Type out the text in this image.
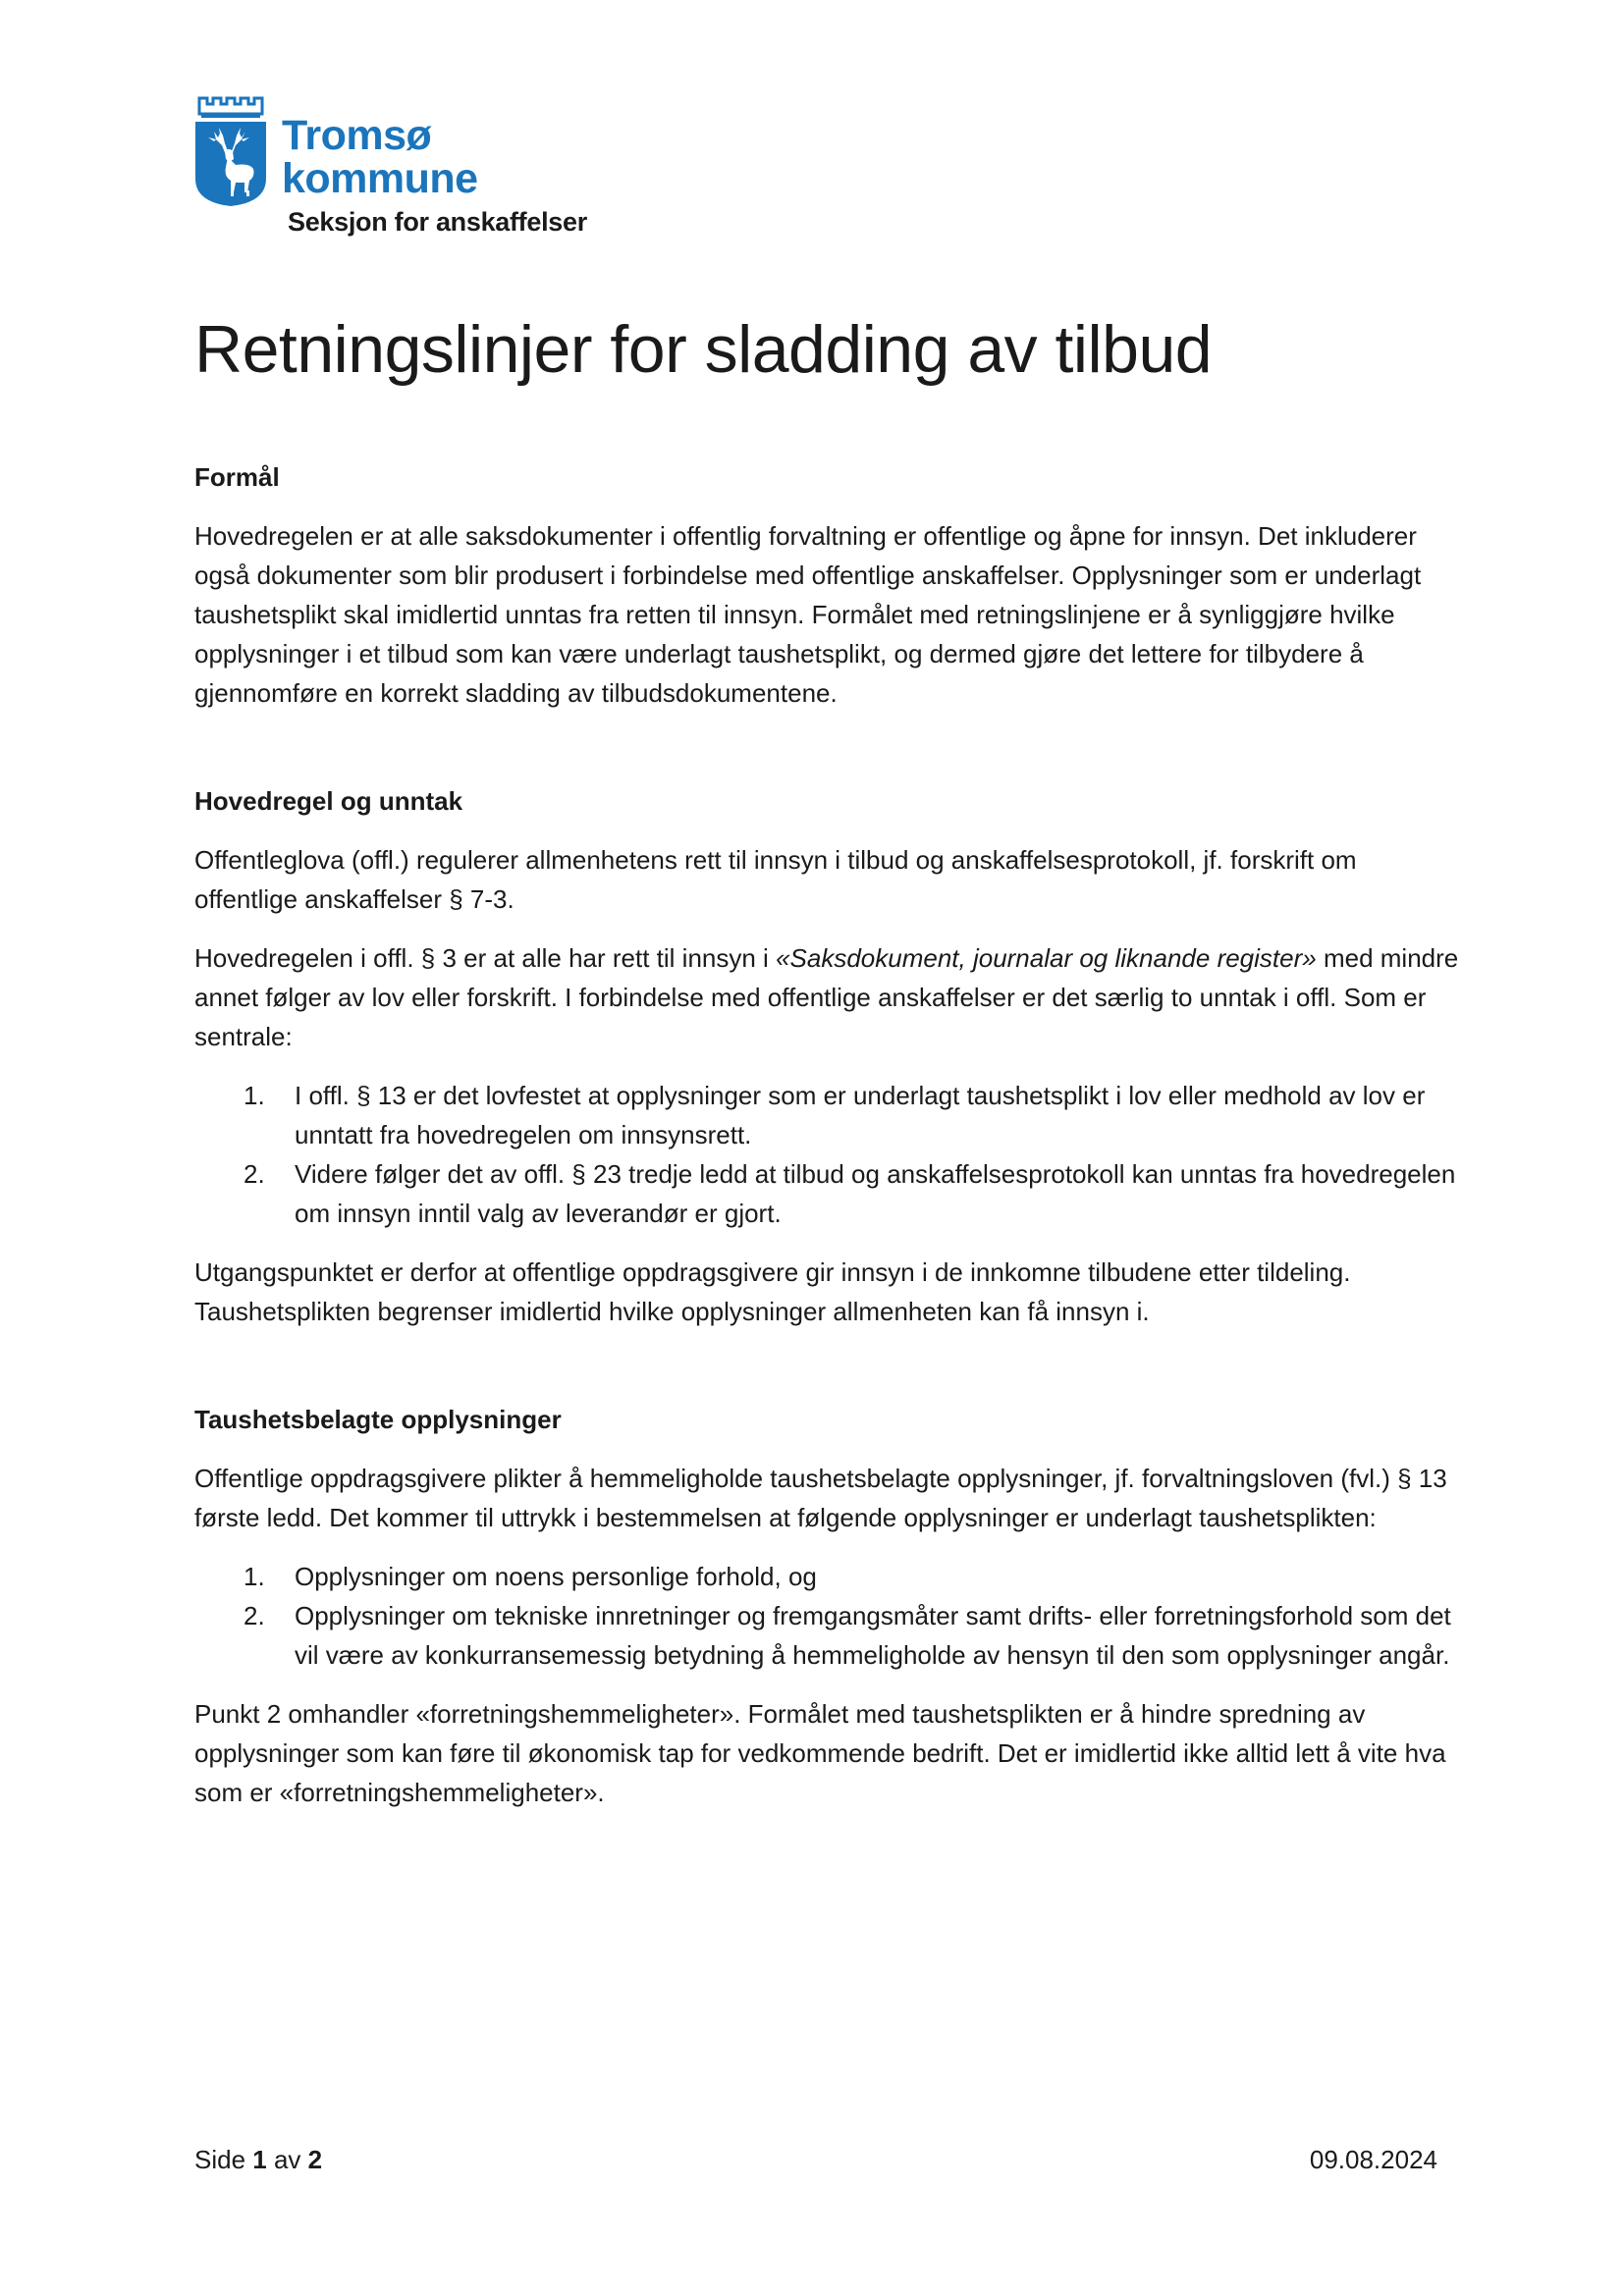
Tromsø
kommune
Seksjon for anskaffelser
Retningslinjer for sladding av tilbud
Formål

Hovedregelen er at alle saksdokumenter i offentlig forvaltning er offentlige og åpne for innsyn. Det inkluderer også dokumenter som blir produsert i forbindelse med offentlige anskaffelser. Opplysninger som er underlagt taushetsplikt skal imidlertid unntas fra retten til innsyn. Formålet med retningslinjene er å synliggjøre hvilke opplysninger i et tilbud som kan være underlagt taushetsplikt, og dermed gjøre det lettere for tilbydere å gjennomføre en korrekt sladding av tilbudsdokumentene.

Hovedregel og unntak

Offentleglova (offl.) regulerer allmenhetens rett til innsyn i tilbud og anskaffelsesprotokoll, jf. forskrift om offentlige anskaffelser § 7-3.

Hovedregelen i offl. § 3 er at alle har rett til innsyn i «Saksdokument, journalar og liknande register» med mindre annet følger av lov eller forskrift. I forbindelse med offentlige anskaffelser er det særlig to unntak i offl. Som er sentrale:

1. I offl. § 13 er det lovfestet at opplysninger som er underlagt taushetsplikt i lov eller medhold av lov er unntatt fra hovedregelen om innsynsrett.
2. Videre følger det av offl. § 23 tredje ledd at tilbud og anskaffelsesprotokoll kan unntas fra hovedregelen om innsyn inntil valg av leverandør er gjort.

Utgangspunktet er derfor at offentlige oppdragsgivere gir innsyn i de innkomne tilbudene etter tildeling. Taushetsplikten begrenser imidlertid hvilke opplysninger allmenheten kan få innsyn i.

Taushetsbelagte opplysninger

Offentlige oppdragsgivere plikter å hemmeligholde taushetsbelagte opplysninger, jf. forvaltningsloven (fvl.) § 13 første ledd. Det kommer til uttrykk i bestemmelsen at følgende opplysninger er underlagt taushetsplikten:

1. Opplysninger om noens personlige forhold, og
2. Opplysninger om tekniske innretninger og fremgangsmåter samt drifts- eller forretningsforhold som det vil være av konkurransemessig betydning å hemmeligholde av hensyn til den som opplysninger angår.

Punkt 2 omhandler «forretningshemmeligheter». Formålet med taushetsplikten er å hindre spredning av opplysninger som kan føre til økonomisk tap for vedkommende bedrift. Det er imidlertid ikke alltid lett å vite hva som er «forretningshemmeligheter».

Side 1 av 2	09.08.2024
